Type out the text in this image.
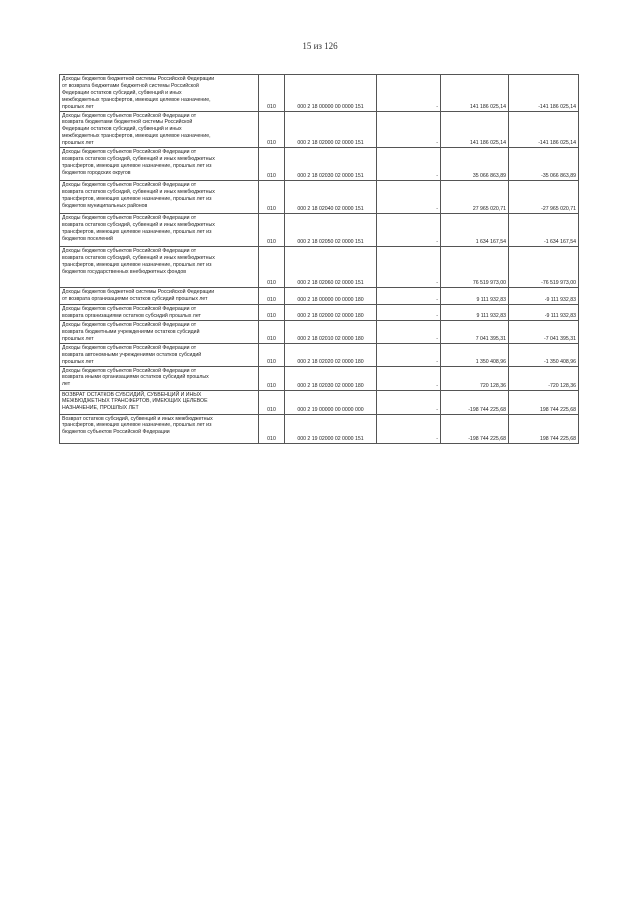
15 из 126
Доходы бюджетов бюджетной системы Российской Федерации
от возврата бюджетами бюджетной системы Российской
Федерации остатков субсидий, субвенций и иных
межбюджетных трансфертов, имеющих целевое назначение,
прошлых лет	010	000 2 18 00000 00 0000 151	-	141 186 025,14	-141 186 025,14

Доходы бюджетов субъектов Российской Федерации от
возврата бюджетами бюджетной системы Российской
Федерации остатков субсидий, субвенций и иных
межбюджетных трансфертов, имеющих целевое назначение,
прошлых лет	010	000 2 18 02000 02 0000 151	-	141 186 025,14	-141 186 025,14

Доходы бюджетов субъектов Российской Федерации от
возврата остатков субсидий, субвенций и иных межбюджетных
трансфертов, имеющих целевое назначение, прошлых лет из
бюджетов городских округов	010	000 2 18 02030 02 0000 151	-	35 066 863,89	-35 066 863,89

Доходы бюджетов субъектов Российской Федерации от
возврата остатков субсидий, субвенций и иных межбюджетных
трансфертов, имеющих целевое назначение, прошлых лет из
бюджетов муниципальных районов	010	000 2 18 02040 02 0000 151	-	27 965 020,71	-27 965 020,71

Доходы бюджетов субъектов Российской Федерации от
возврата остатков субсидий, субвенций и иных межбюджетных
трансфертов, имеющих целевое назначение, прошлых лет из
бюджетов поселений	010	000 2 18 02050 02 0000 151	-	1 634 167,54	-1 634 167,54

Доходы бюджетов субъектов Российской Федерации от
возврата остатков субсидий, субвенций и иных межбюджетных
трансфертов, имеющих целевое назначение, прошлых лет из
бюджетов государственных внебюджетных фондов	010	000 2 18 02060 02 0000 151	-	76 519 973,00	-76 519 973,00

Доходы бюджетов бюджетной системы Российской Федерации
от возврата организациями остатков субсидий прошлых лет	010	000 2 18 00000 00 0000 180	-	9 111 932,83	-9 111 932,83

Доходы бюджетов субъектов Российской Федерации от
возврата организациями остатков субсидий прошлых лет	010	000 2 18 02000 02 0000 180	-	9 111 932,83	-9 111 932,83

Доходы бюджетов субъектов Российской Федерации от
возврата бюджетными учреждениями остатков субсидий
прошлых лет	010	000 2 18 02010 02 0000 180	-	7 041 395,31	-7 041 395,31

Доходы бюджетов субъектов Российской Федерации от
возврата автономными учреждениями остатков субсидий
прошлых лет	010	000 2 18 02020 02 0000 180	-	1 350 408,96	-1 350 408,96

Доходы бюджетов субъектов Российской Федерации от
возврата иными организациями остатков субсидий прошлых
лет	010	000 2 18 02030 02 0000 180	-	720 128,36	-720 128,36

ВОЗВРАТ ОСТАТКОВ СУБСИДИЙ, СУБВЕНЦИЙ И ИНЫХ
МЕЖБЮДЖЕТНЫХ ТРАНСФЕРТОВ, ИМЕЮЩИХ ЦЕЛЕВОЕ
НАЗНАЧЕНИЕ, ПРОШЛЫХ ЛЕТ	010	000 2 19 00000 00 0000 000	-	-198 744 225,68	198 744 225,68

Возврат остатков субсидий, субвенций и иных межбюджетных
трансфертов, имеющих целевое назначение, прошлых лет из
бюджетов субъектов Российской Федерации	010	000 2 19 02000 02 0000 151	-	-198 744 225,68	198 744 225,68
